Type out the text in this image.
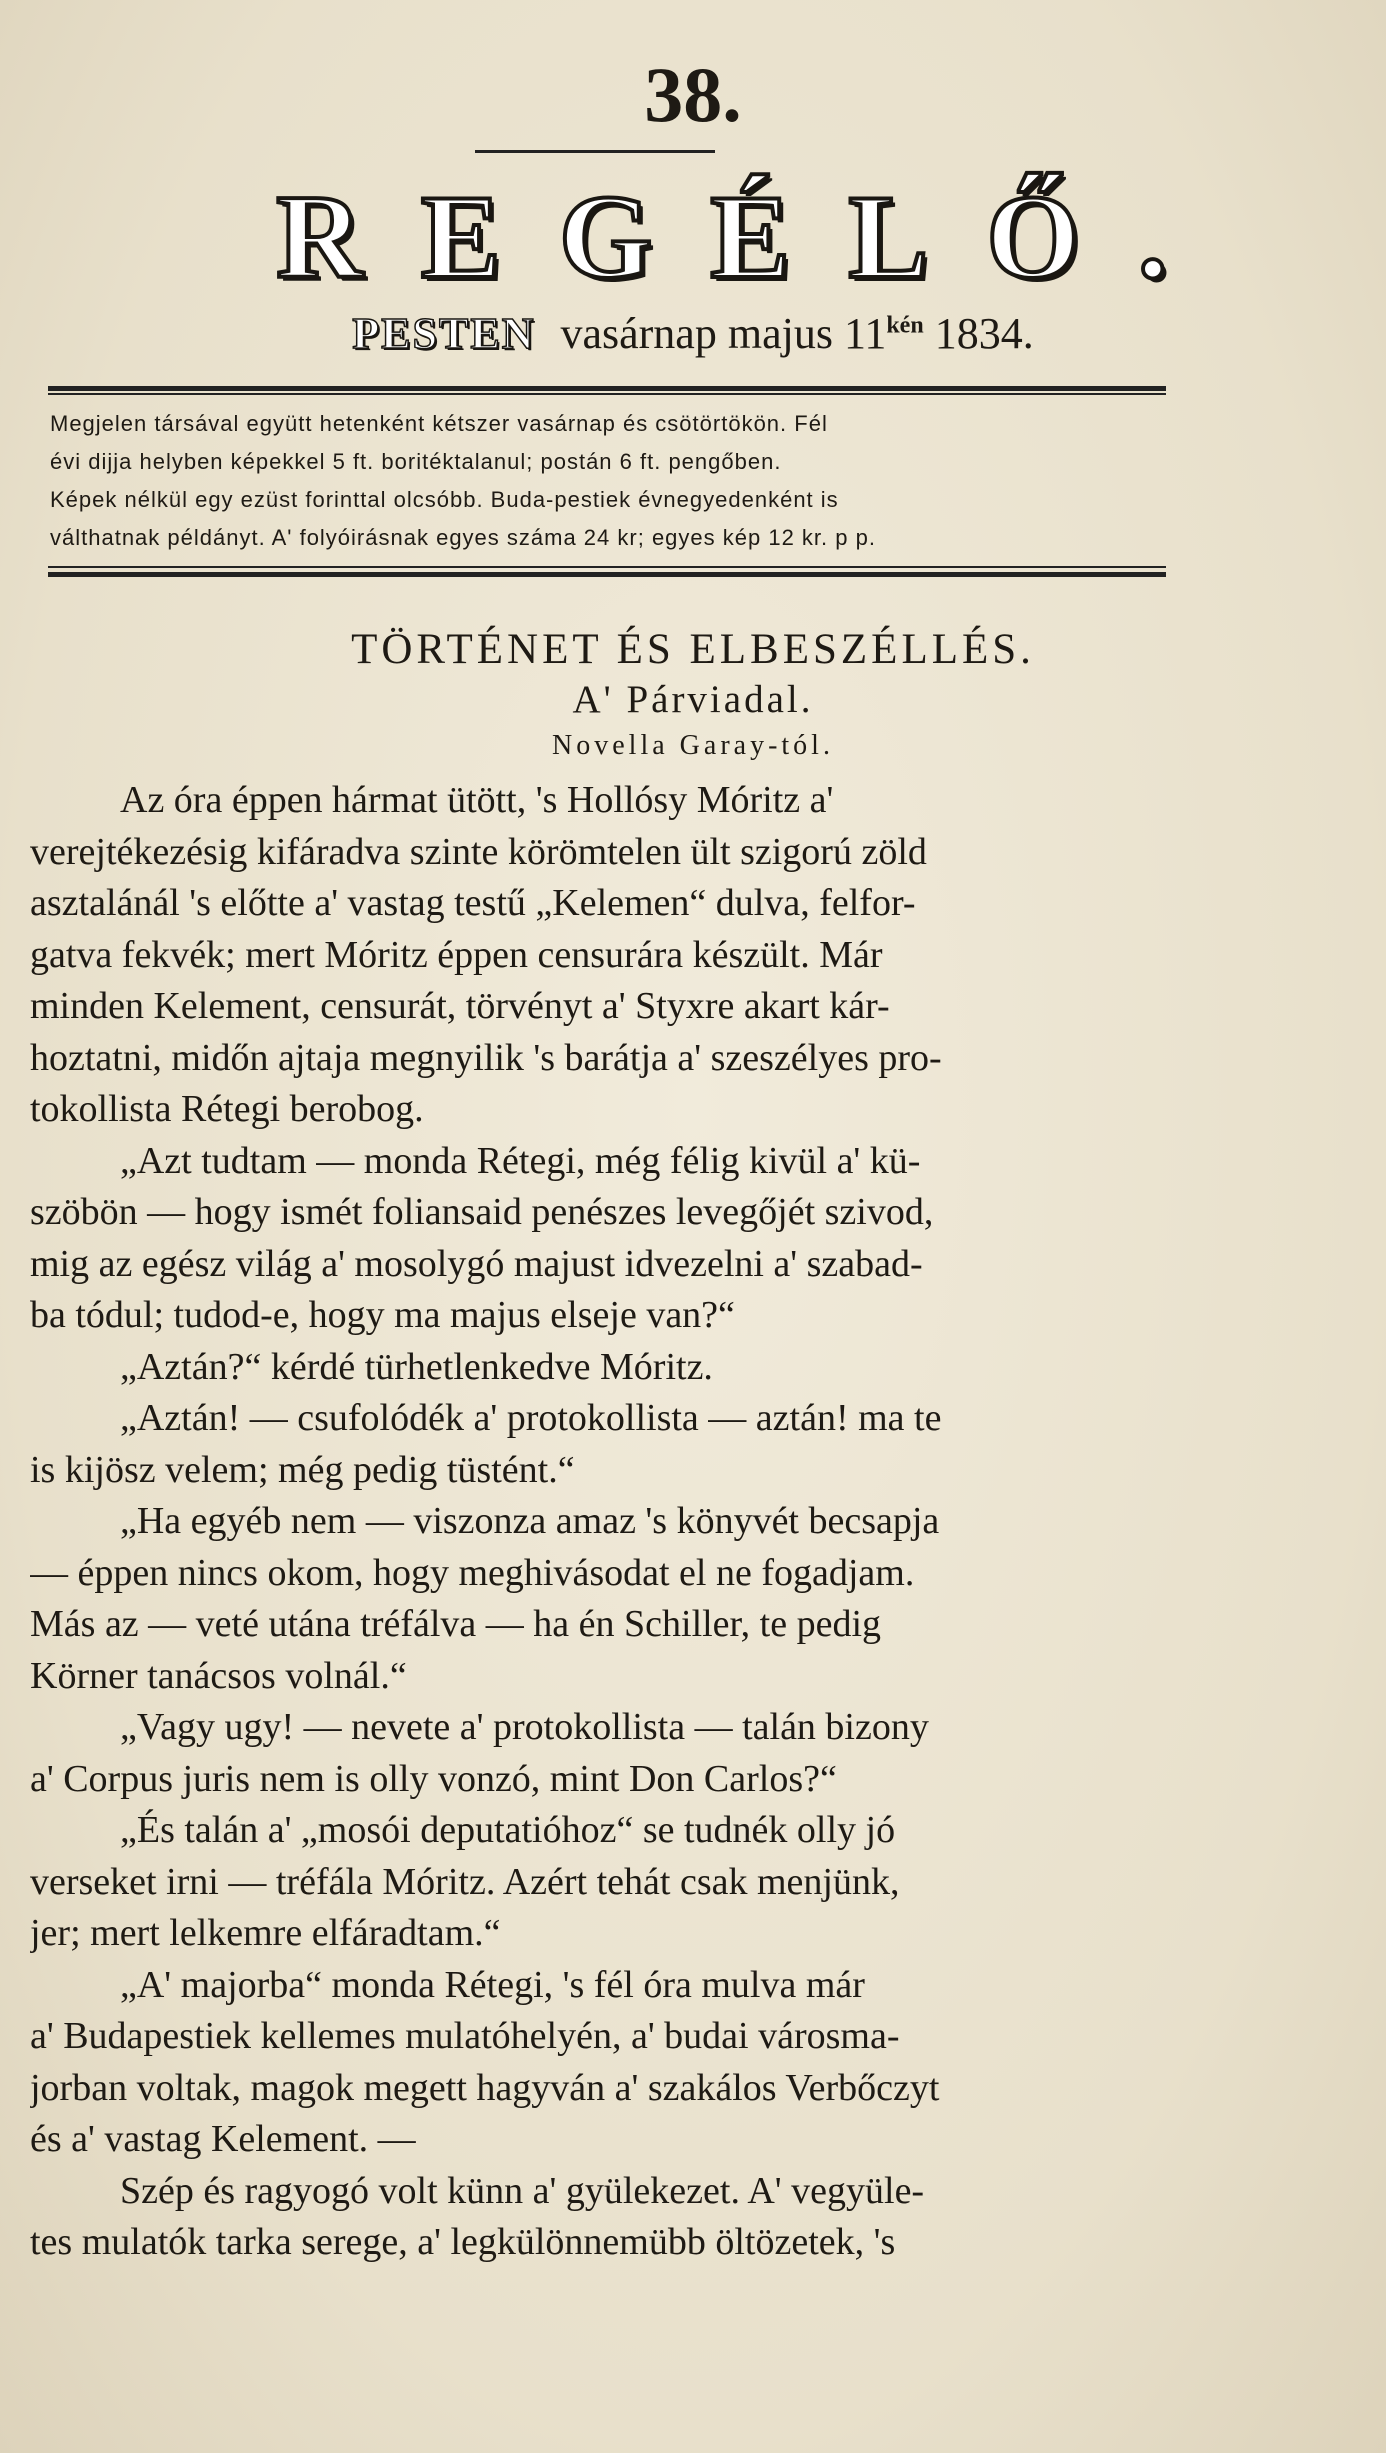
38.
REGÉLŐ.
PESTEN vasárnap majus $11^{kén}$ 1834.
Megjelen társával együtt hetenként kétszer vasárnap és csötörtökön. Fél
évi dijja helyben képekkel 5 ft. boritéktalanul; postán 6 ft. pengőben.
Képek nélkül egy ezüst forinttal olcsóbb. Buda-pestiek évnegyedenként is
válthatnak példányt. A' folyóirásnak egyes száma 24 kr; egyes kép 12 kr. p p.
TÖRTÉNET ÉS ELBESZÉLLÉS.
A' Párviadal.
Novella Garay-tól.
Az óra éppen hármat ütött, 's Hollósy Móritz a'
verejtékezésig kifáradva szinte körömtelen ült szigorú zöld
asztalánál 's előtte a' vastag testű „Kelemen“ dulva, felfor-
gatva fekvék; mert Móritz éppen censurára készült. Már
minden Kelement, censurát, törvényt a' Styxre akart kár-
hoztatni, midőn ajtaja megnyilik 's barátja a' szeszélyes pro-
tokollista Rétegi berobog.
„Azt tudtam — monda Rétegi, még félig kivül a' kü-
szöbön — hogy ismét foliansaid penészes levegőjét szivod,
mig az egész világ a' mosolygó majust idvezelni a' szabad-
ba tódul; tudod-e, hogy ma majus elseje van?“
„Aztán?“ kérdé türhetlenkedve Móritz.
„Aztán! — csufolódék a' protokollista — aztán! ma te
is kijösz velem; még pedig tüstént.“
„Ha egyéb nem — viszonza amaz 's könyvét becsapja
— éppen nincs okom, hogy meghivásodat el ne fogadjam.
Más az — veté utána tréfálva — ha én Schiller, te pedig
Körner tanácsos volnál.“
„Vagy ugy! — nevete a' protokollista — talán bizony
a' Corpus juris nem is olly vonzó, mint Don Carlos?“
„És talán a' „mosói deputatióhoz“ se tudnék olly jó
verseket irni — tréfála Móritz. Azért tehát csak menjünk,
jer; mert lelkemre elfáradtam.“
„A' majorba“ monda Rétegi, 's fél óra mulva már
a' Budapestiek kellemes mulatóhelyén, a' budai városma-
jorban voltak, magok megett hagyván a' szakálos Verbőczyt
és a' vastag Kelement. —
Szép és ragyogó volt künn a' gyülekezet. A' vegyüle-
tes mulatók tarka serege, a' legkülönnemübb öltözetek, 's
